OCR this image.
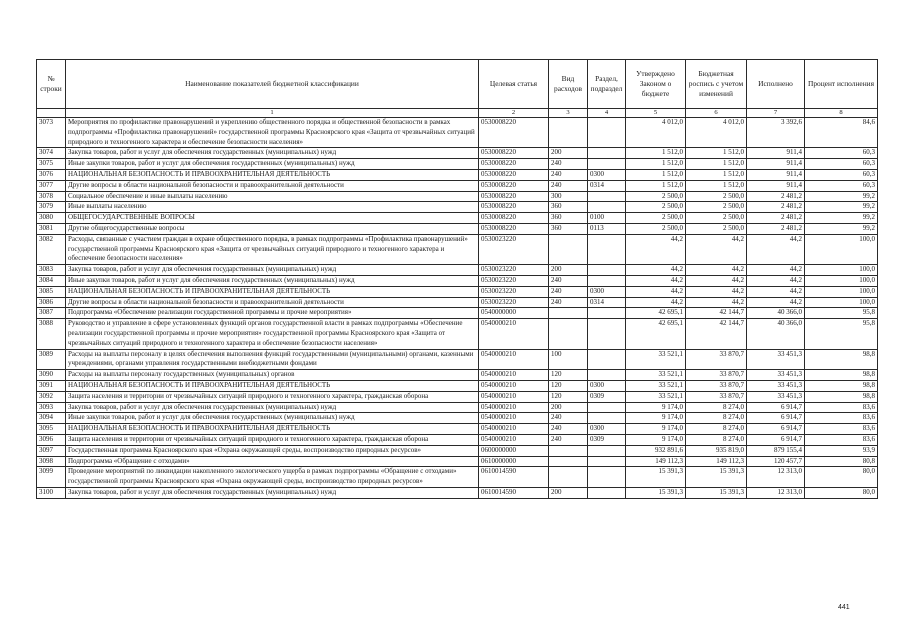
№ строки	Наименование показателей бюджетной классификации	Целевая статья	Вид расходов	Раздел, подраздел	Утверждено Законом о бюджете	Бюджетная роспись с учетом изменений	Исполнено	Процент исполнения
	1	2	3	4	5	6	7	8
3073	Мероприятия по профилактике правонарушений и укреплению общественного порядка и общественной безопасности в рамках подпрограммы «Профилактика правонарушений» государственной программы Красноярского края «Защита от чрезвычайных ситуаций природного и техногенного характера и обеспечение безопасности населения»	0530008220			4 012,0	4 012,0	3 392,6	84,6
3074	Закупка товаров, работ и услуг для обеспечения государственных (муниципальных) нужд	0530008220	200		1 512,0	1 512,0	911,4	60,3
3075	Иные закупки товаров, работ и услуг для обеспечения государственных (муниципальных) нужд	0530008220	240		1 512,0	1 512,0	911,4	60,3
3076	НАЦИОНАЛЬНАЯ БЕЗОПАСНОСТЬ И ПРАВООХРАНИТЕЛЬНАЯ ДЕЯТЕЛЬНОСТЬ	0530008220	240	0300	1 512,0	1 512,0	911,4	60,3
3077	Другие вопросы в области национальной безопасности и правоохранительной деятельности	0530008220	240	0314	1 512,0	1 512,0	911,4	60,3
3078	Социальное обеспечение и иные выплаты населению	0530008220	300		2 500,0	2 500,0	2 481,2	99,2
3079	Иные выплаты населению	0530008220	360		2 500,0	2 500,0	2 481,2	99,2
3080	ОБЩЕГОСУДАРСТВЕННЫЕ ВОПРОСЫ	0530008220	360	0100	2 500,0	2 500,0	2 481,2	99,2
3081	Другие общегосударственные вопросы	0530008220	360	0113	2 500,0	2 500,0	2 481,2	99,2
3082	Расходы, связанные с участием граждан в охране общественного порядка, в рамках подпрограммы «Профилактика правонарушений» государственной программы Красноярского края «Защита от чрезвычайных ситуаций природного и техногенного характера и обеспечение безопасности населения»	0530023220			44,2	44,2	44,2	100,0
3083	Закупка товаров, работ и услуг для обеспечения государственных (муниципальных) нужд	0530023220	200		44,2	44,2	44,2	100,0
3084	Иные закупки товаров, работ и услуг для обеспечения государственных (муниципальных) нужд	0530023220	240		44,2	44,2	44,2	100,0
3085	НАЦИОНАЛЬНАЯ БЕЗОПАСНОСТЬ И ПРАВООХРАНИТЕЛЬНАЯ ДЕЯТЕЛЬНОСТЬ	0530023220	240	0300	44,2	44,2	44,2	100,0
3086	Другие вопросы в области национальной безопасности и правоохранительной деятельности	0530023220	240	0314	44,2	44,2	44,2	100,0
3087	Подпрограмма «Обеспечение реализации государственной программы и прочие мероприятия»	0540000000			42 695,1	42 144,7	40 366,0	95,8
3088	Руководство и управление в сфере установленных функций органов государственной власти в рамках подпрограммы «Обеспечение реализации государственной программы и прочие мероприятия» государственной программы Красноярского края «Защита от чрезвычайных ситуаций природного и техногенного характера и обеспечение безопасности населения»	0540000210			42 695,1	42 144,7	40 366,0	95,8
3089	Расходы на выплаты персоналу в целях обеспечения выполнения функций государственными (муниципальными) органами, казенными учреждениями, органами управления государственными внебюджетными фондами	0540000210	100		33 521,1	33 870,7	33 451,3	98,8
3090	Расходы на выплаты персоналу государственных (муниципальных) органов	0540000210	120		33 521,1	33 870,7	33 451,3	98,8
3091	НАЦИОНАЛЬНАЯ БЕЗОПАСНОСТЬ И ПРАВООХРАНИТЕЛЬНАЯ ДЕЯТЕЛЬНОСТЬ	0540000210	120	0300	33 521,1	33 870,7	33 451,3	98,8
3092	Защита населения и территории от чрезвычайных ситуаций природного и техногенного характера, гражданская оборона	0540000210	120	0309	33 521,1	33 870,7	33 451,3	98,8
3093	Закупка товаров, работ и услуг для обеспечения государственных (муниципальных) нужд	0540000210	200		9 174,0	8 274,0	6 914,7	83,6
3094	Иные закупки товаров, работ и услуг для обеспечения государственных (муниципальных) нужд	0540000210	240		9 174,0	8 274,0	6 914,7	83,6
3095	НАЦИОНАЛЬНАЯ БЕЗОПАСНОСТЬ И ПРАВООХРАНИТЕЛЬНАЯ ДЕЯТЕЛЬНОСТЬ	0540000210	240	0300	9 174,0	8 274,0	6 914,7	83,6
3096	Защита населения и территории от чрезвычайных ситуаций природного и техногенного характера, гражданская оборона	0540000210	240	0309	9 174,0	8 274,0	6 914,7	83,6
3097	Государственная программа Красноярского края «Охрана окружающей среды, воспроизводство природных ресурсов»	0600000000			932 891,6	935 819,0	879 155,4	93,9
3098	Подпрограмма «Обращение с отходами»	0610000000			149 112,3	149 112,3	120 457,7	80,8
3099	Проведение мероприятий по ликвидации накопленного экологического ущерба в рамках подпрограммы «Обращение с отходами» государственной программы Красноярского края «Охрана окружающей среды, воспроизводство природных ресурсов»	0610014590			15 391,3	15 391,3	12 313,0	80,0
3100	Закупка товаров, работ и услуг для обеспечения государственных (муниципальных) нужд	0610014590	200		15 391,3	15 391,3	12 313,0	80,0
441
